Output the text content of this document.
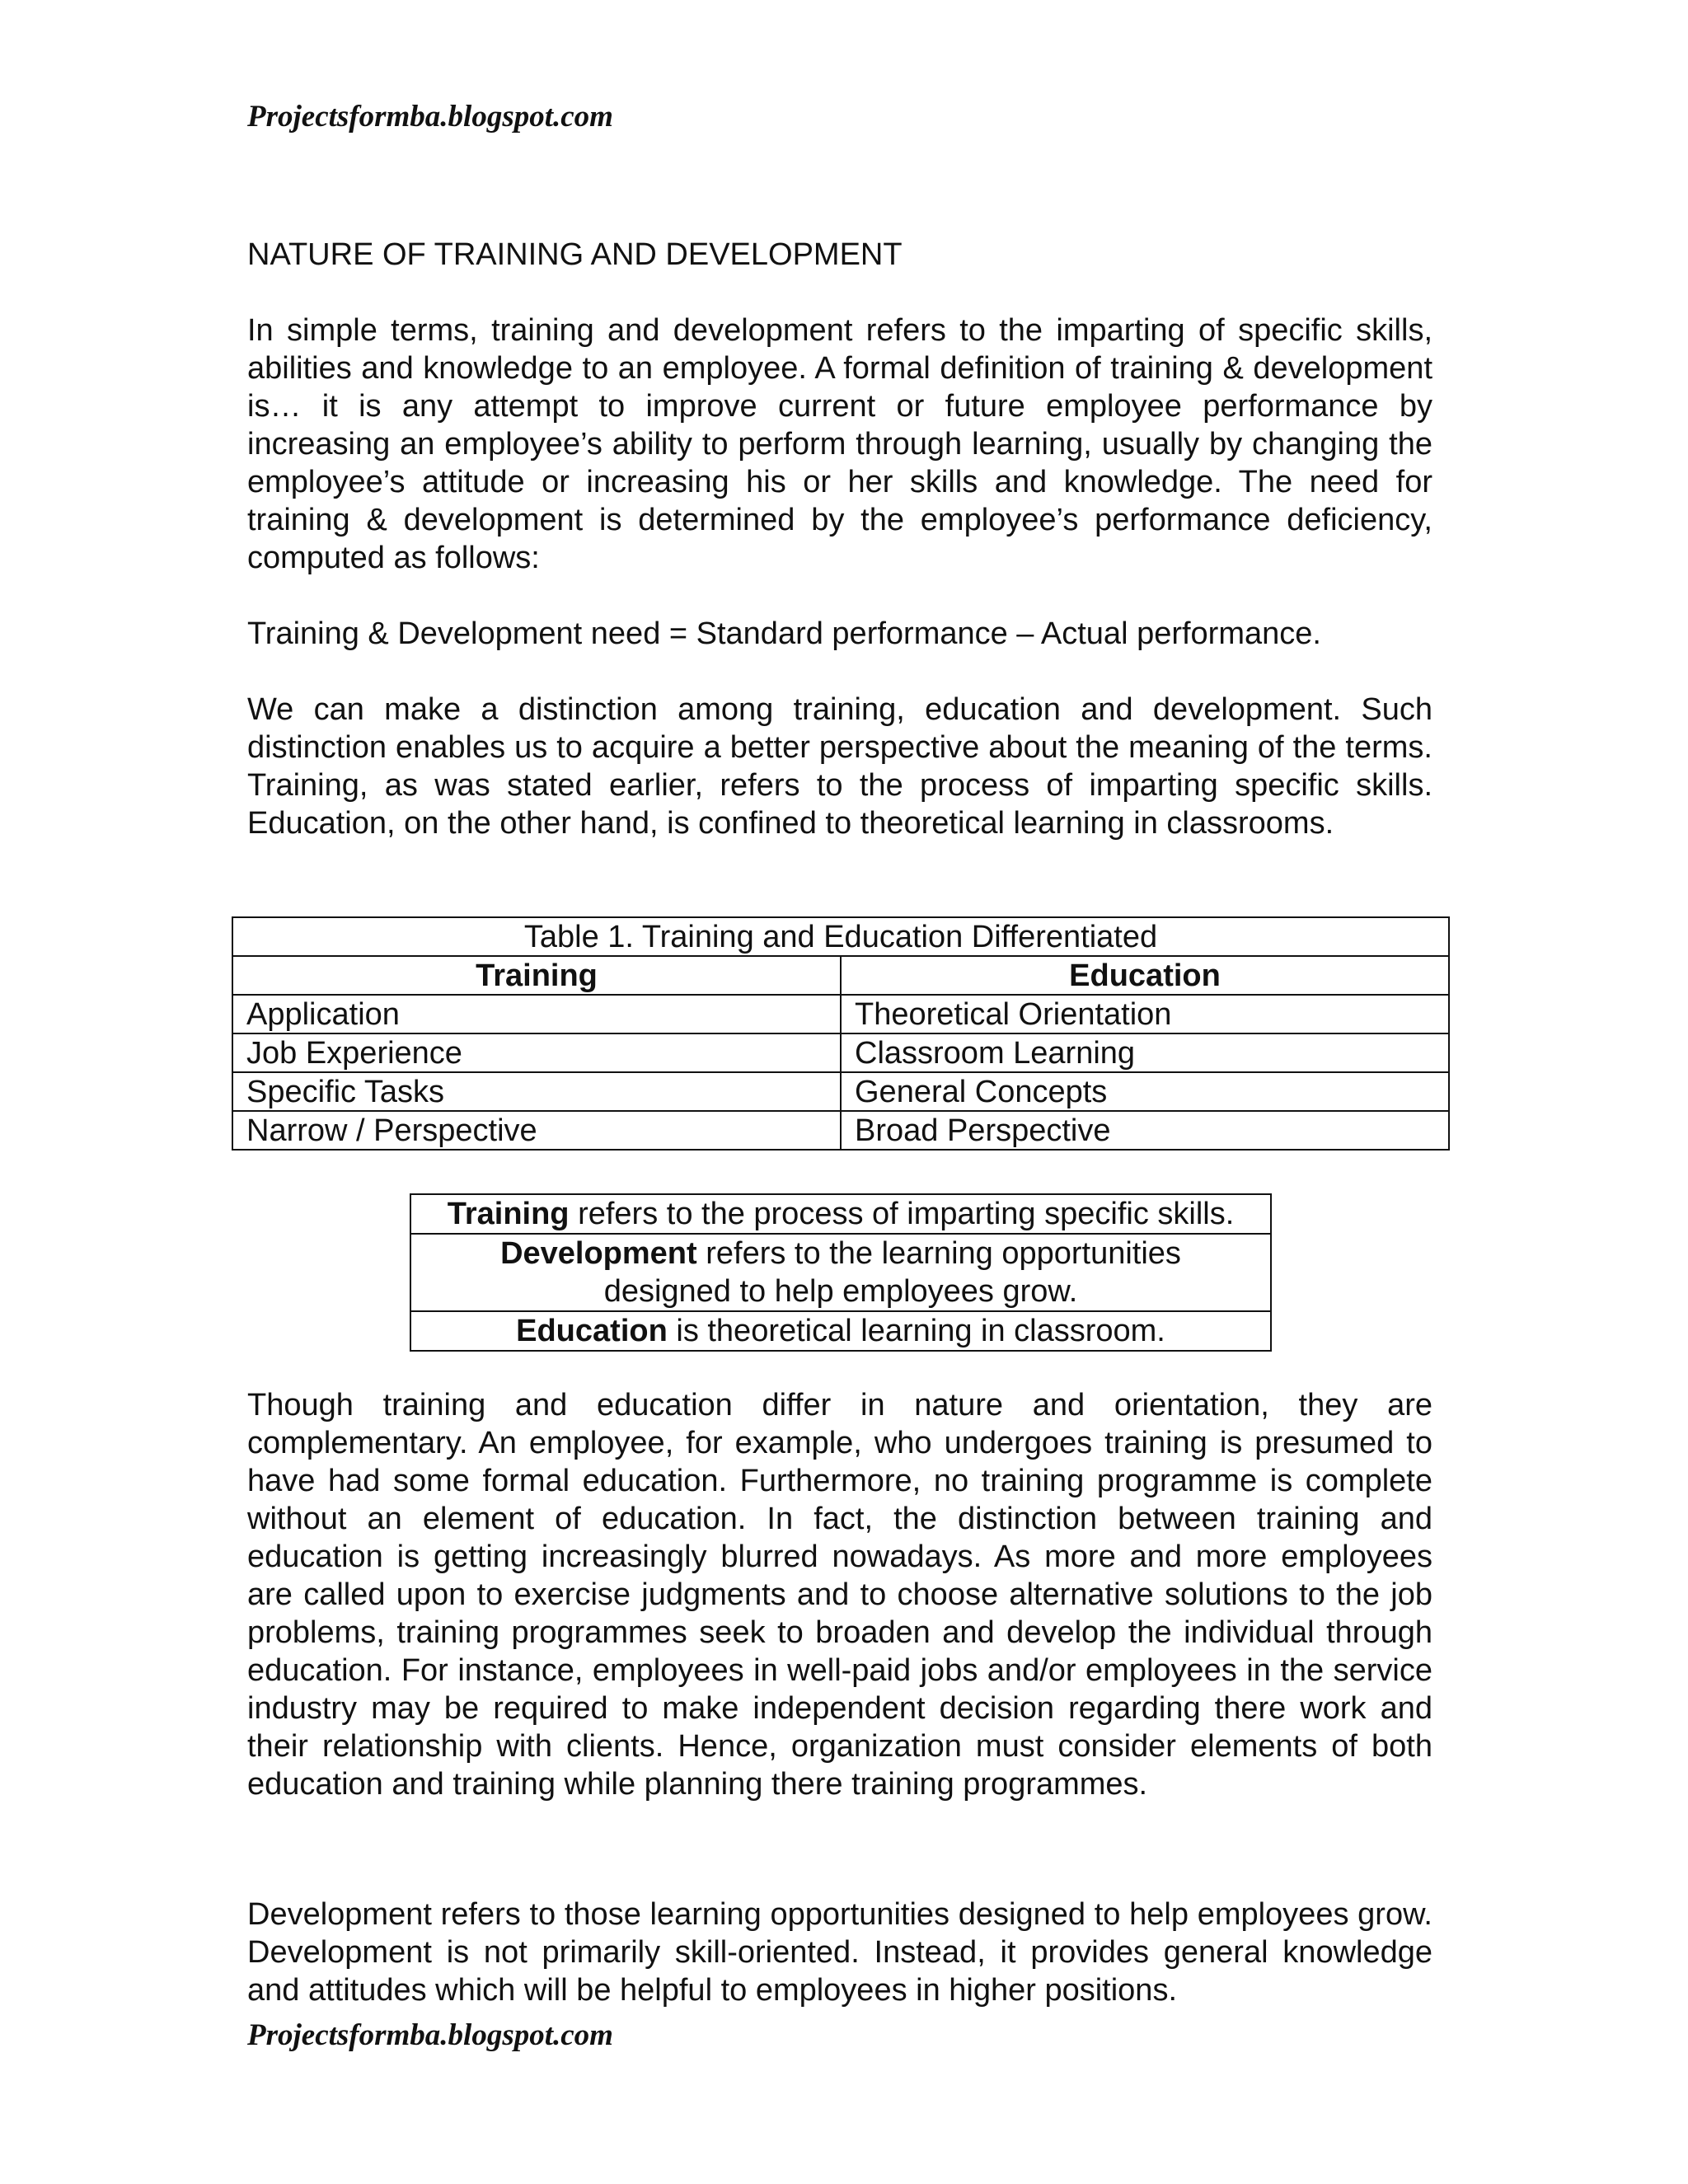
Projectsformba.blogspot.com

NATURE OF TRAINING AND DEVELOPMENT

In simple terms, training and development refers to the imparting of specific skills, abilities and knowledge to an employee. A formal definition of training & development is… it is any attempt to improve current or future employee performance by increasing an employee’s ability to perform through learning, usually by changing the employee’s attitude or increasing his or her skills and knowledge. The need for training & development is determined by the employee’s performance deficiency, computed as follows:

Training & Development need = Standard performance – Actual performance.

We can make a distinction among training, education and development. Such distinction enables us to acquire a better perspective about the meaning of the terms. Training, as was stated earlier, refers to the process of imparting specific skills. Education, on the other hand, is confined to theoretical learning in classrooms.

Table 1. Training and Education Differentiated	
Training	Education
Application	Theoretical Orientation
Job Experience	Classroom Learning
Specific Tasks	General Concepts
Narrow / Perspective	Broad Perspective
Training refers to the process of imparting specific skills.
Development refers to the learning opportunities
designed to help employees grow.
Education is theoretical learning in classroom.

Though training and education differ in nature and orientation, they are complementary. An employee, for example, who undergoes training is presumed to have had some formal education. Furthermore, no training programme is complete without an element of education. In fact, the distinction between training and education is getting increasingly blurred nowadays. As more and more employees are called upon to exercise judgments and to choose alternative solutions to the job problems, training programmes seek to broaden and develop the individual through education. For instance, employees in well-paid jobs and/or employees in the service industry may be required to make independent decision regarding there work and their relationship with clients. Hence, organization must consider elements of both education and training while planning there training programmes.

Development refers to those learning opportunities designed to help employees grow. Development is not primarily skill-oriented. Instead, it provides general knowledge and attitudes which will be helpful to employees in higher positions.

Projectsformba.blogspot.com
